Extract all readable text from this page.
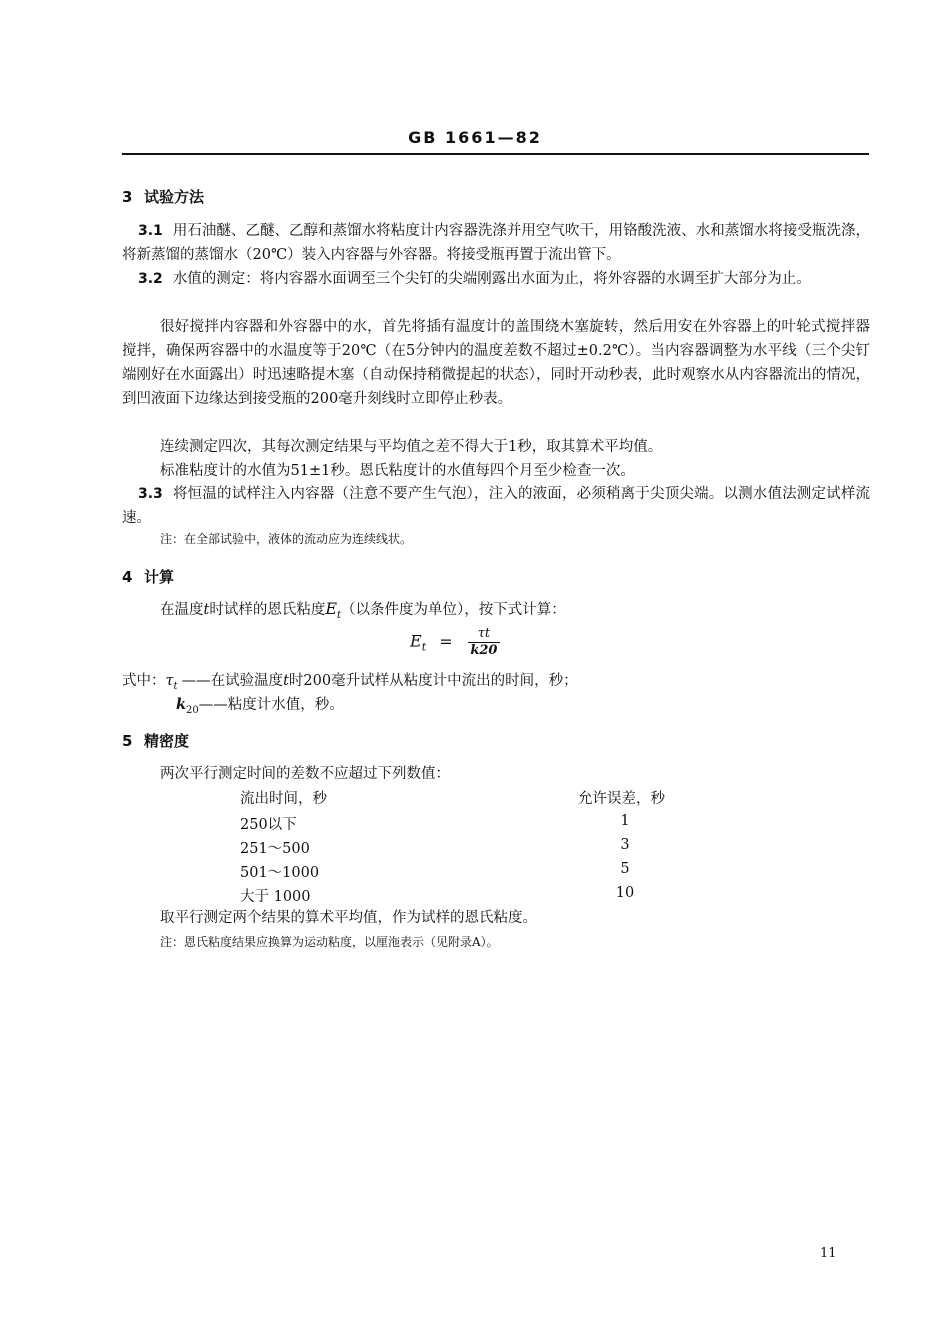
GB 1661—82
3 试验方法
3.1 用石油醚、乙醚、乙醇和蒸馏水将粘度计内容器洗涤并用空气吹干，用铬酸洗液、水和蒸馏水将接受瓶洗涤，将新蒸馏的蒸馏水（20℃）装入内容器与外容器。将接受瓶再置于流出管下。
3.2 水值的测定：将内容器水面调至三个尖钉的尖端刚露出水面为止，将外容器的水调至扩大部分为止。
很好搅拌内容器和外容器中的水，首先将插有温度计的盖围绕木塞旋转，然后用安在外容器上的叶轮式搅拌器搅拌，确保两容器中的水温度等于20℃（在5分钟内的温度差数不超过±0.2℃）。当内容器调整为水平线（三个尖钉端刚好在水面露出）时迅速略提木塞（自动保持稍微提起的状态），同时开动秒表，此时观察水从内容器流出的情况，到凹液面下边缘达到接受瓶的200毫升刻线时立即停止秒表。
连续测定四次，其每次测定结果与平均值之差不得大于1秒，取其算术平均值。
标准粘度计的水值为51±1秒。恩氏粘度计的水值每四个月至少检查一次。
3.3 将恒温的试样注入内容器（注意不要产生气泡），注入的液面，必须稍离于尖顶尖端。以测水值法测定试样流速。
注：在全部试验中，液体的流动应为连续线状。
4 计算
在温度t时试样的恩氏粘度$E_t$（以条件度为单位），按下式计算：
$E_t = \frac{\tau t}{k20}$
式中：$\tau_t$ ——在试验温度t时200毫升试样从粘度计中流出的时间，秒；
$k_{20}——$粘度计水值，秒。
5 精密度
两次平行测定时间的差数不应超过下列数值：
流出时间，秒	允许误差，秒
250以下	1
251～500	3
501～1000	5
大于 1000	10
取平行测定两个结果的算术平均值，作为试样的恩氏粘度。
注：恩氏粘度结果应换算为运动粘度，以厘沲表示（见附录A）。
11
